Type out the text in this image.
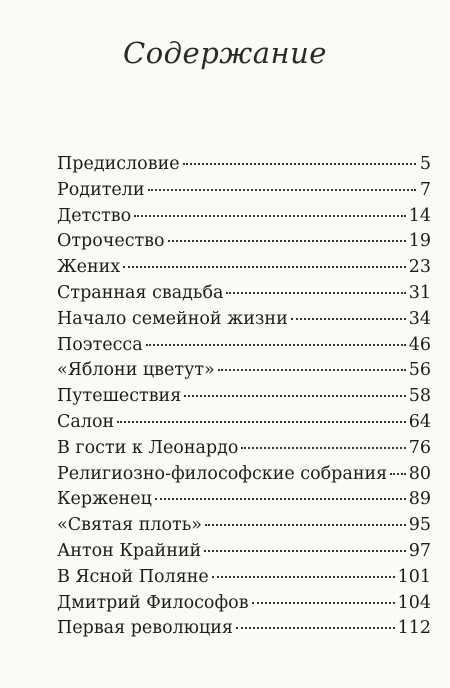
Содержание
Предисловие	5
Родители	7
Детство	14
Отрочество	19
Жених	23
Странная свадьба	31
Начало семейной жизни	34
Поэтесса	46
«Яблони цветут»	56
Путешествия	58
Салон	64
В гости к Леонардо	76
Религиозно-философские собрания 80
Керженец	89
«Святая плоть»	95
Антон Крайний	97
В Ясной Поляне	101
Дмитрий Философов	104
Первая революция	112
